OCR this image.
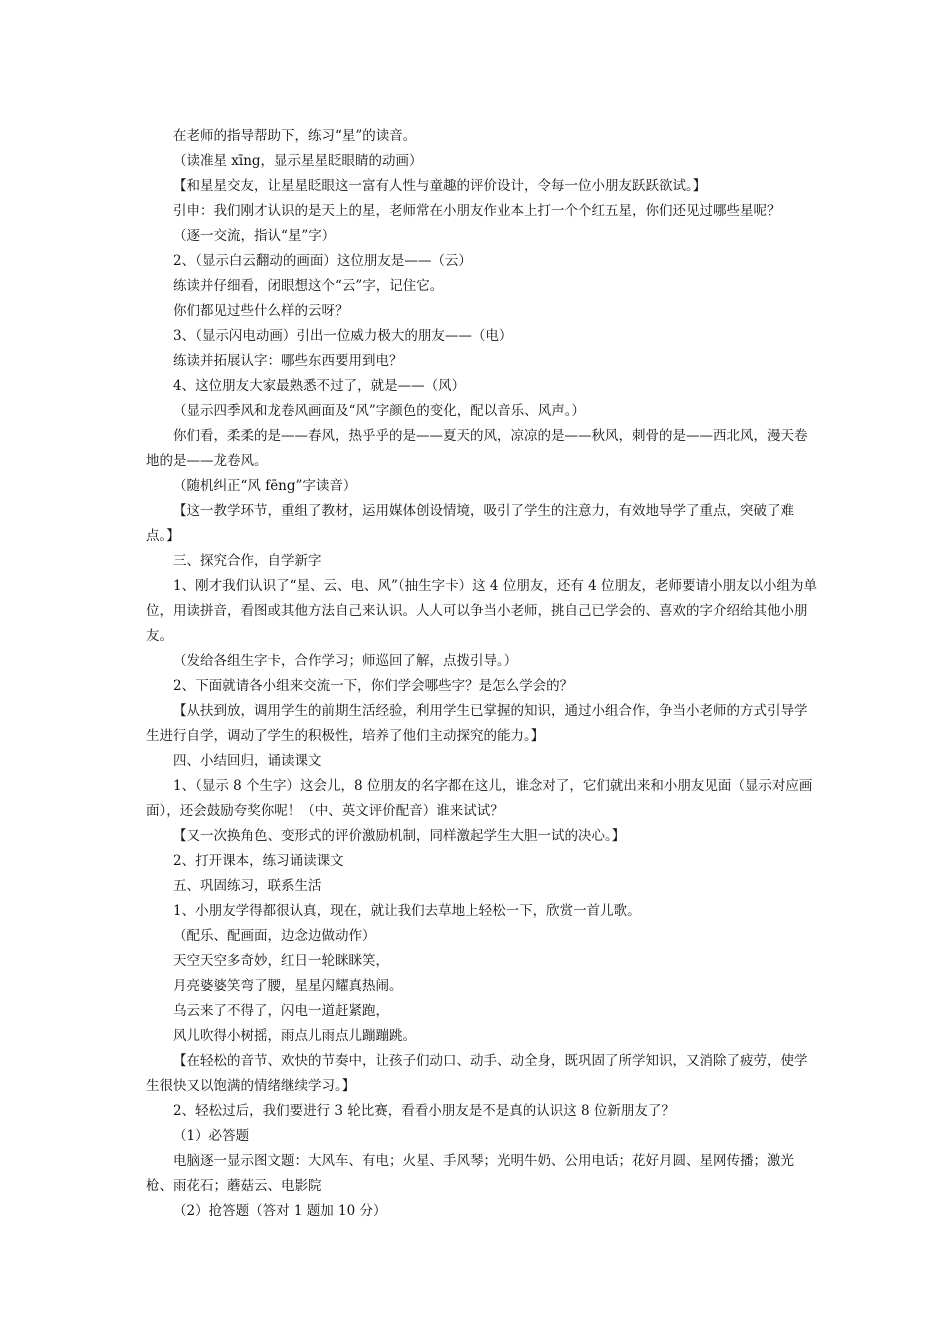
在老师的指导帮助下，练习“星”的读音。

（读准星 xīng，显示星星眨眼睛的动画）

【和星星交友，让星星眨眼这一富有人性与童趣的评价设计，令每一位小朋友跃跃欲试。】

引申：我们刚才认识的是天上的星，老师常在小朋友作业本上打一个个红五星，你们还见过哪些星呢？

（逐一交流，指认“星”字）

2、（显示白云翻动的画面）这位朋友是——（云）

练读并仔细看，闭眼想这个“云”字，记住它。

你们都见过些什么样的云呀？

3、（显示闪电动画）引出一位威力极大的朋友——（电）

练读并拓展认字：哪些东西要用到电？

4、这位朋友大家最熟悉不过了，就是——（风）

（显示四季风和龙卷风画面及“风”字颜色的变化，配以音乐、风声。）

你们看，柔柔的是——春风，热乎乎的是——夏天的风，凉凉的是——秋风，刺骨的是——西北风，漫天卷地的是——龙卷风。

（随机纠正“风 fēng”字读音）

【这一教学环节，重组了教材，运用媒体创设情境，吸引了学生的注意力，有效地导学了重点，突破了难点。】

三、探究合作，自学新字

1、刚才我们认识了“星、云、电、风”（抽生字卡）这 4 位朋友，还有 4 位朋友，老师要请小朋友以小组为单位，用读拼音，看图或其他方法自己来认识。人人可以争当小老师，挑自己已学会的、喜欢的字介绍给其他小朋友。

（发给各组生字卡，合作学习；师巡回了解，点拨引导。）

2、下面就请各小组来交流一下，你们学会哪些字？是怎么学会的？

【从扶到放，调用学生的前期生活经验，利用学生已掌握的知识，通过小组合作，争当小老师的方式引导学生进行自学，调动了学生的积极性，培养了他们主动探究的能力。】

四、小结回归，诵读课文

1、（显示 8 个生字）这会儿，8 位朋友的名字都在这儿，谁念对了，它们就出来和小朋友见面（显示对应画面），还会鼓励夸奖你呢！（中、英文评价配音）谁来试试？

【又一次换角色、变形式的评价激励机制，同样激起学生大胆一试的决心。】

2、打开课本，练习诵读课文

五、巩固练习，联系生活

1、小朋友学得都很认真，现在，就让我们去草地上轻松一下，欣赏一首儿歌。

（配乐、配画面，边念边做动作）

天空天空多奇妙，红日一轮眯眯笑，

月亮婆婆笑弯了腰，星星闪耀真热闹。

乌云来了不得了，闪电一道赶紧跑，

风儿吹得小树摇，雨点儿雨点儿蹦蹦跳。

【在轻松的音节、欢快的节奏中，让孩子们动口、动手、动全身，既巩固了所学知识，又消除了疲劳，使学生很快又以饱满的情绪继续学习。】

2、轻松过后，我们要进行 3 轮比赛，看看小朋友是不是真的认识这 8 位新朋友了？

（1）必答题

电脑逐一显示图文题：大风车、有电；火星、手风琴；光明牛奶、公用电话；花好月圆、星网传播；激光枪、雨花石；蘑菇云、电影院

（2）抢答题（答对 1 题加 10 分）
